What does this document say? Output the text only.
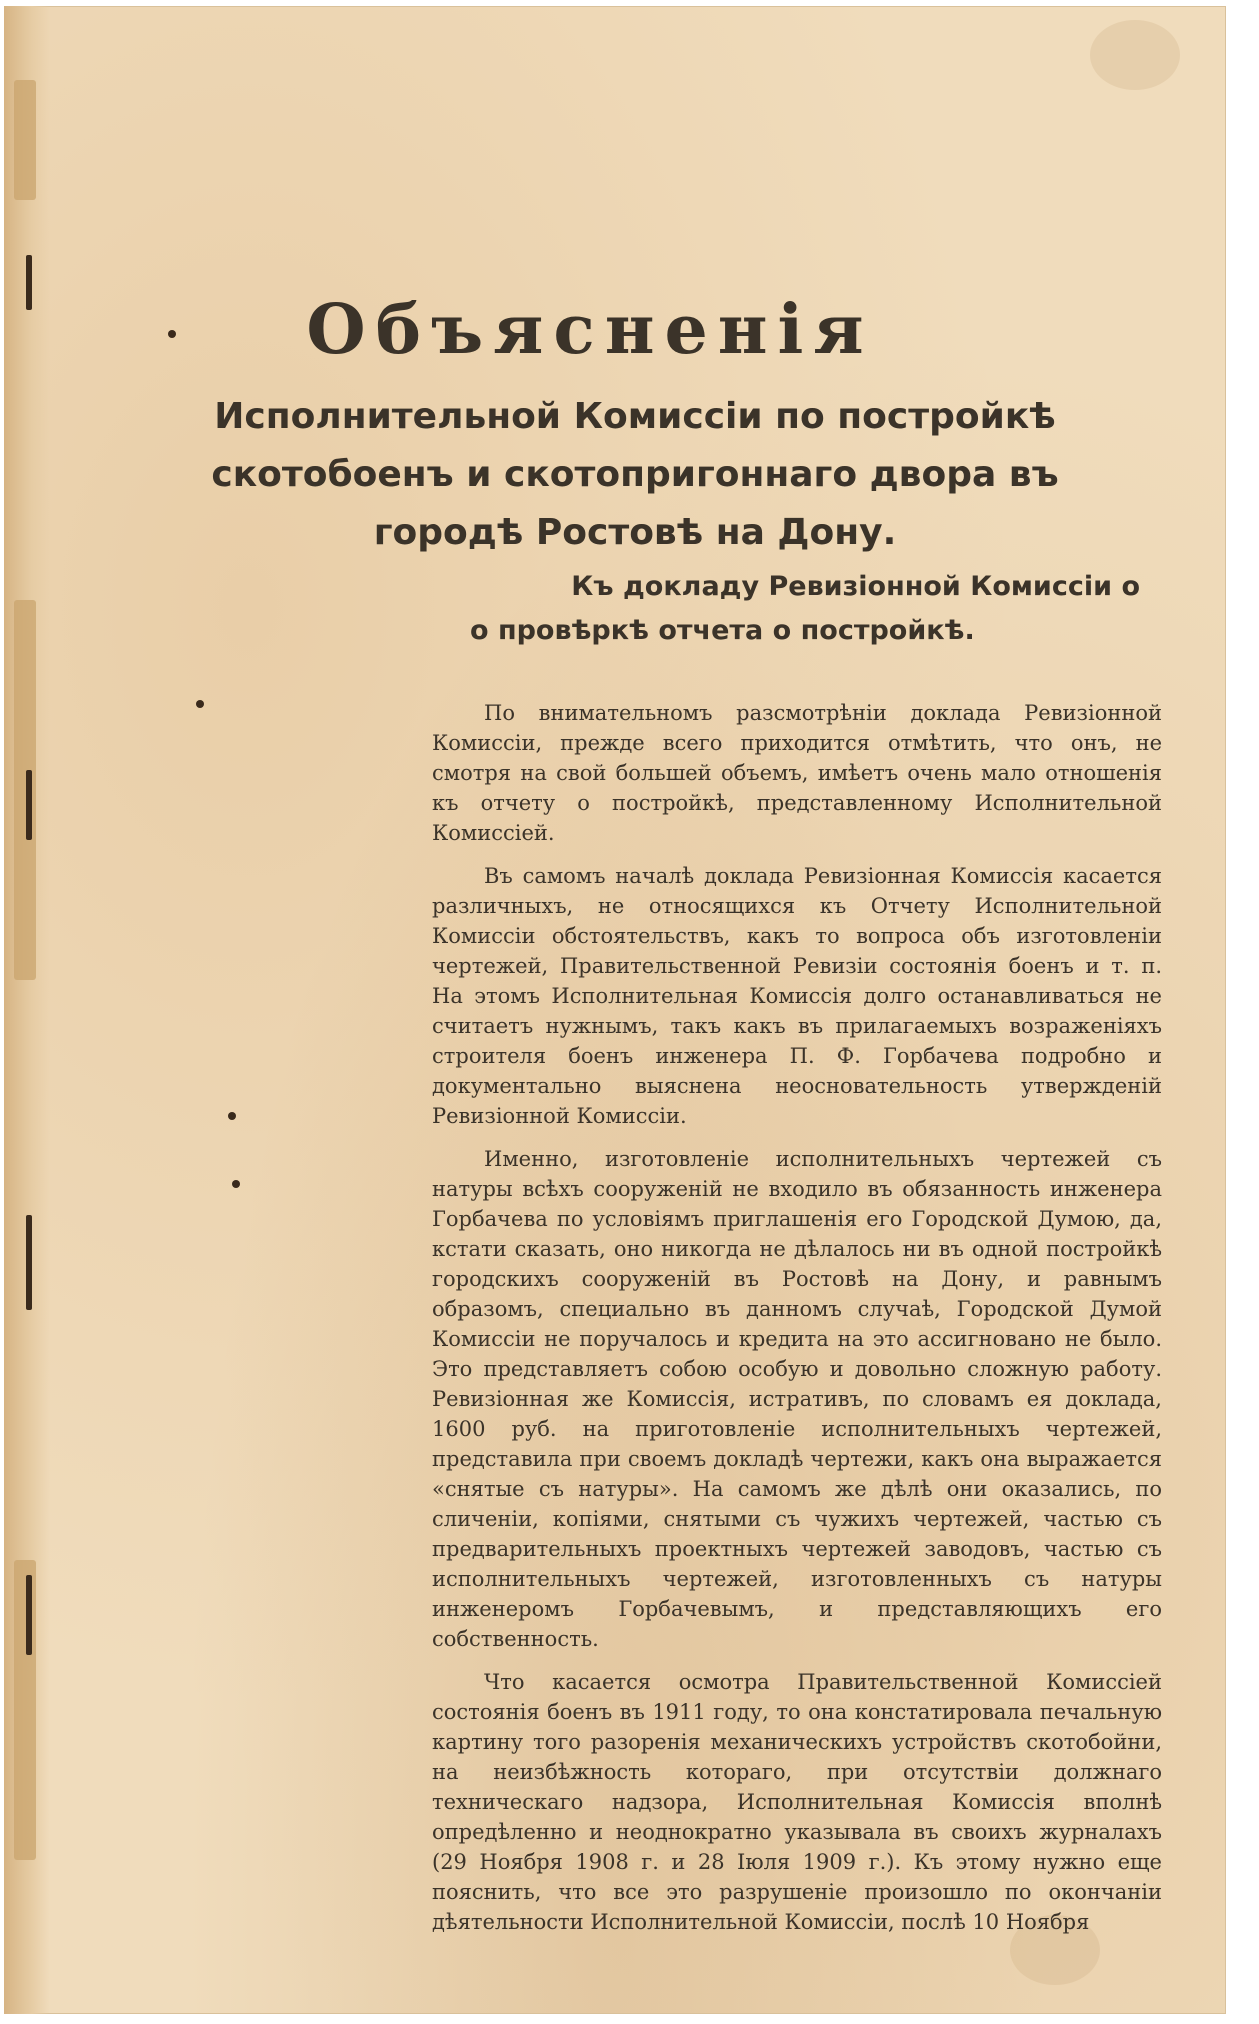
Объясненія
Исполнительной Комиссіи по постройкѣ
скотобоенъ и скотопригоннаго двора въ
городѣ Ростовѣ на Дону.
Къ докладу Ревизіонной Комиссіи о
о провѣркѣ отчета о постройкѣ.

По внимательномъ разсмотрѣніи доклада Ревизіонной Комиссіи, прежде всего приходится отмѣтить, что онъ, не смотря на свой большей объемъ, имѣетъ очень мало отношенія къ отчету о постройкѣ, представленному Исполнительной Комиссіей.

Въ самомъ началѣ доклада Ревизіонная Комиссія касается различныхъ, не относящихся къ Отчету Исполнительной Комиссіи обстоятельствъ, какъ то вопроса объ изготовленіи чертежей, Правительственной Ревизіи состоянія боенъ и т. п. На этомъ Исполнительная Комиссія долго останавливаться не считаетъ нужнымъ, такъ какъ въ прилагаемыхъ возраженіяхъ строителя боенъ инженера П. Ф. Горбачева подробно и документально выяснена неосновательность утвержденій Ревизіонной Комиссіи.

Именно, изготовленіе исполнительныхъ чертежей съ натуры всѣхъ сооруженій не входило въ обязанность инженера Горбачева по условіямъ приглашенія его Городской Думою, да, кстати сказать, оно никогда не дѣлалось ни въ одной постройкѣ городскихъ сооруженій въ Ростовѣ на Дону, и равнымъ образомъ, специально въ данномъ случаѣ, Городской Думой Комиссіи не поручалось и кредита на это ассигновано не было. Это представляетъ собою особую и довольно сложную работу. Ревизіонная же Комиссія, истративъ, по словамъ ея доклада, 1600 руб. на приготовленіе исполнительныхъ чертежей, представила при своемъ докладѣ чертежи, какъ она выражается «снятые съ натуры». На самомъ же дѣлѣ они оказались, по сличеніи, копіями, снятыми съ чужихъ чертежей, частью съ предварительныхъ проектныхъ чертежей заводовъ, частью съ исполнительныхъ чертежей, изготовленныхъ съ натуры инженеромъ Горбачевымъ, и представляющихъ его собственность.

Что касается осмотра Правительственной Комиссіей состоянія боенъ въ 1911 году, то она констатировала печальную картину того разоренія механическихъ устройствъ скотобойни, на неизбѣжность котораго, при отсутствіи должнаго техническаго надзора, Исполнительная Комиссія вполнѣ опредѣленно и неоднократно указывала въ своихъ журналахъ (29 Ноября 1908 г. и 28 Іюля 1909 г.). Къ этому нужно еще пояснить, что все это разрушеніе произошло по окончаніи дѣятельности Исполнительной Комиссіи, послѣ 10 Ноября
